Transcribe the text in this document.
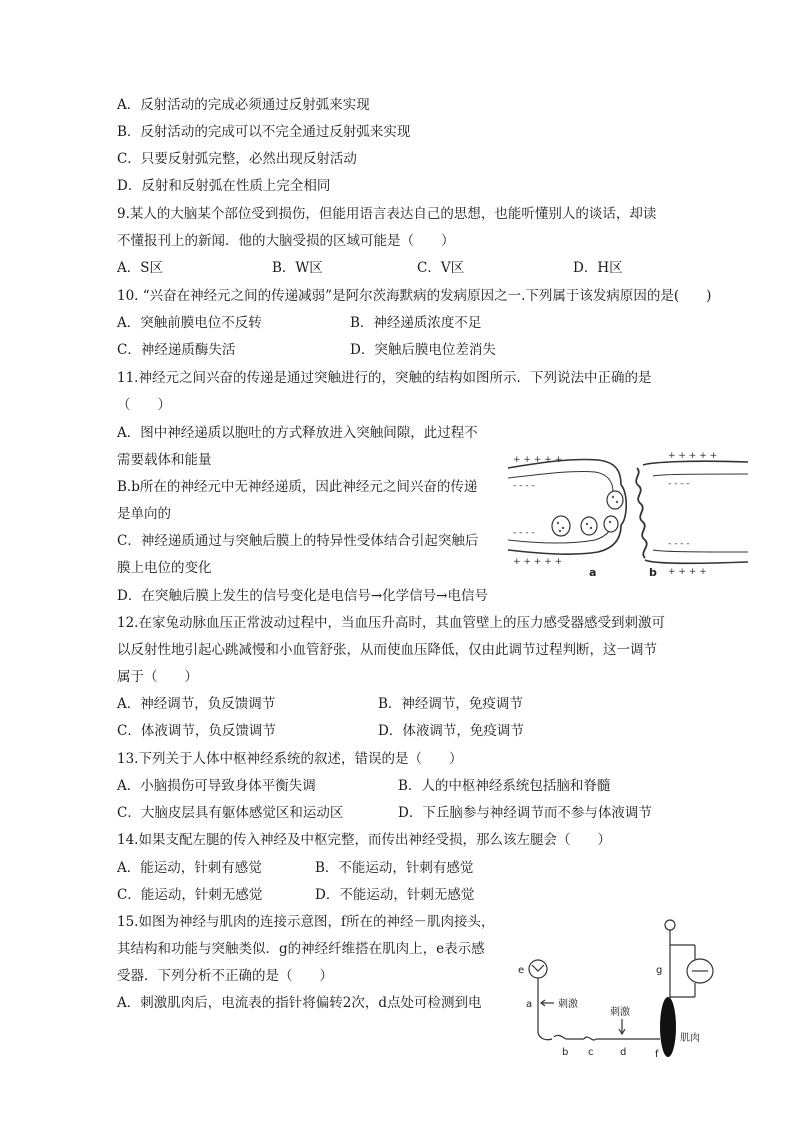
A．反射活动的完成必须通过反射弧来实现
B．反射活动的完成可以不完全通过反射弧来实现
C．只要反射弧完整，必然出现反射活动
D．反射和反射弧在性质上完全相同
9.某人的大脑某个部位受到损伤，但能用语言表达自己的思想，也能听懂别人的谈话，却读
不懂报刊上的新闻．他的大脑受损的区域可能是（　　）
A．S区	B．W区	C．V区	D．H区
10. “兴奋在神经元之间的传递减弱”是阿尔茨海默病的发病原因之一.下列属于该发病原因的是(　　)
A．突触前膜电位不反转	B．神经递质浓度不足
C．神经递质酶失活	D．突触后膜电位差消失
11.神经元之间兴奋的传递是通过突触进行的，突触的结构如图所示．下列说法中正确的是
（　　）
A．图中神经递质以胞吐的方式释放进入突触间隙，此过程不
需要载体和能量
B.b所在的神经元中无神经递质，因此神经元之间兴奋的传递
是单向的
C．神经递质通过与突触后膜上的特异性受体结合引起突触后
膜上电位的变化
D．在突触后膜上发生的信号变化是电信号→化学信号→电信号
+ + + + +
- - - -
- - - -
+ + + + +
+ + + + +
- - - -
- - - -
+ + + +
a	b
12.在家兔动脉血压正常波动过程中，当血压升高时，其血管壁上的压力感受器感受到刺激可
以反射性地引起心跳减慢和小血管舒张，从而使血压降低，仅由此调节过程判断，这一调节
属于（　　）
A．神经调节，负反馈调节	B．神经调节，免疫调节
C．体液调节，负反馈调节	D．体液调节，免疫调节
13.下列关于人体中枢神经系统的叙述，错误的是（　　）
A．小脑损伤可导致身体平衡失调	B．人的中枢神经系统包括脑和脊髓
C．大脑皮层具有躯体感觉区和运动区	D．下丘脑参与神经调节而不参与体液调节
14.如果支配左腿的传入神经及中枢完整，而传出神经受损，那么该左腿会（　　）
A．能运动，针刺有感觉	B．不能运动，针刺有感觉
C．能运动，针刺无感觉	D．不能运动，针刺无感觉
15.如图为神经与肌肉的连接示意图，f所在的神经－肌肉接头，
其结构和功能与突触类似．g的神经纤维搭在肌肉上，e表示感
受器．下列分析不正确的是（　　）
A．刺激肌肉后，电流表的指针将偏转2次，d点处可检测到电
e
a	刺激
刺激
b c	d	f
g
肌肉
